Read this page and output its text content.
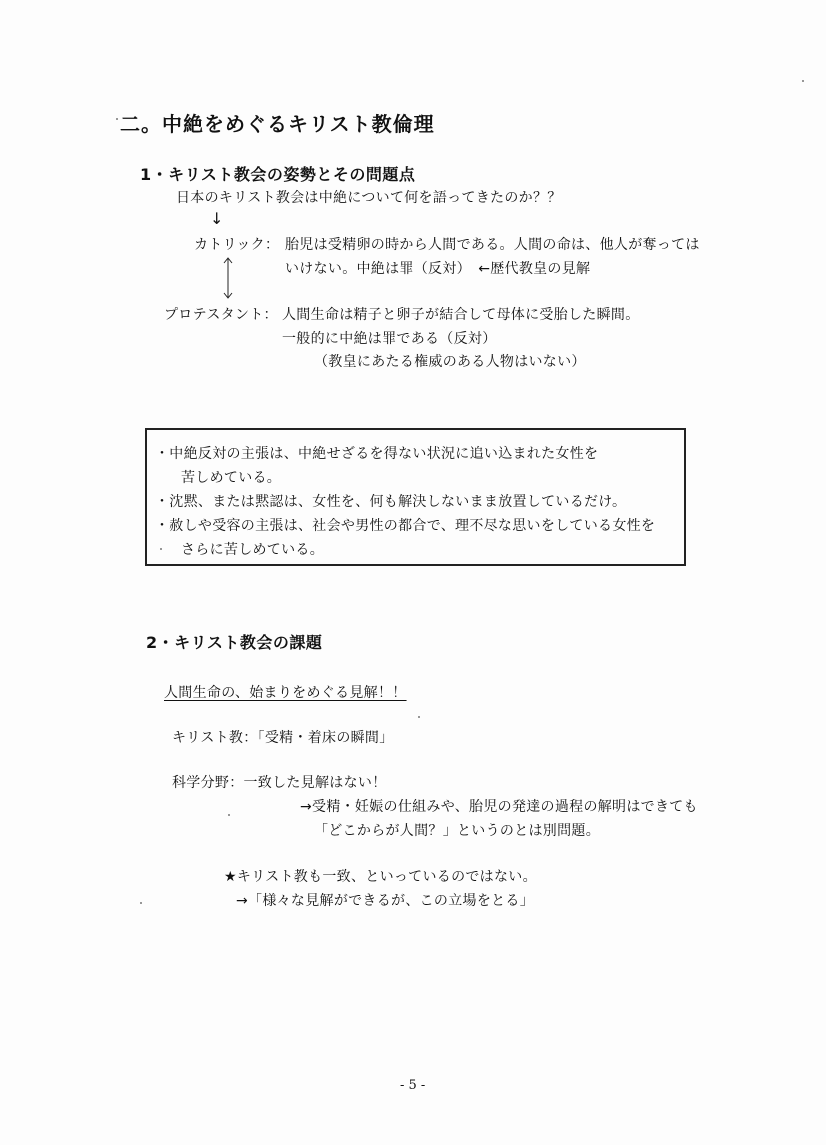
二。中絶をめぐるキリスト教倫理
1・キリスト教会の姿勢とその問題点
日本のキリスト教会は中絶について何を語ってきたのか？？
↓
カトリック： 胎児は受精卵の時から人間である。人間の命は、他人が奪っては
いけない。中絶は罪（反対）　←歴代教皇の見解
プロテスタント： 人間生命は精子と卵子が結合して母体に受胎した瞬間。
一般的に中絶は罪である（反対）
（教皇にあたる権威のある人物はいない）
・中絶反対の主張は、中絶せざるを得ない状況に追い込まれた女性を
苦しめている。
・沈黙、または黙認は、女性を、何も解決しないまま放置しているだけ。
・赦しや受容の主張は、社会や男性の都合で、理不尽な思いをしている女性を
さらに苦しめている。
2・キリスト教会の課題
人間生命の、始まりをめぐる見解！！
キリスト教：「受精・着床の瞬間」
科学分野：一致した見解はない！
→受精・妊娠の仕組みや、胎児の発達の過程の解明はできても
「どこからが人間？」というのとは別問題。
★キリスト教も一致、といっているのではない。
→「様々な見解ができるが、この立場をとる」
- 5 -
